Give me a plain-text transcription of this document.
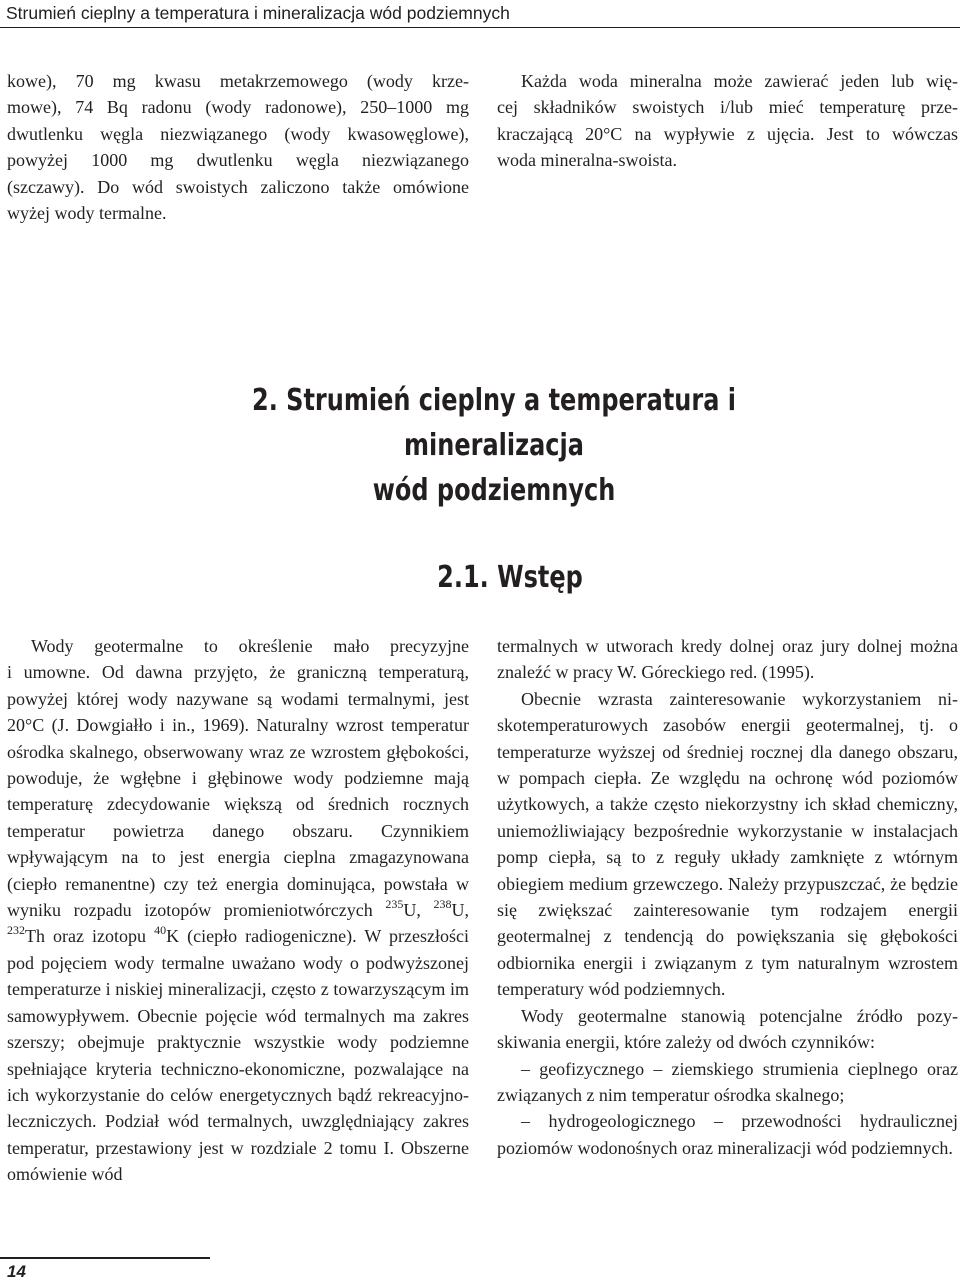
Strumień cieplny a temperatura i mineralizacja wód podziemnych

kowe), 70 mg kwasu metakrzemowego (wody krze-

mowe), 74 Bq radonu (wody radonowe), 250–1000 mg

dwutlenku węgla niezwiązanego (wody kwasowęglowe),

powyżej 1000 mg dwutlenku węgla niezwiązanego

(szczawy). Do wód swoistych zaliczono także omówione

wyżej wody termalne.

Każda woda mineralna może zawierać jeden lub wię-

cej składników swoistych i/lub mieć temperaturę prze-

kraczającą 20°C na wypływie z ujęcia. Jest to wówczas

woda mineralna-swoista.

2. Strumień cieplny a temperatura i mineralizacja
wód podziemnych
2.1. Wstęp

Wody geotermalne to określenie mało precyzyjne

i umowne. Od dawna przyjęto, że graniczną temperaturą, powyżej której wody nazywane są wodami termalnymi, jest 20°C (J. Dowgiałło i in., 1969). Naturalny wzrost temperatur ośrodka skalnego, obserwowany wraz ze wzrostem głębokości, powoduje, że wgłębne i głębinowe wody podziemne mają temperaturę zdecydowanie większą od średnich rocznych temperatur powietrza danego obszaru. Czynnikiem wpływającym na to jest energia cieplna zmagazynowana (ciepło remanentne) czy też energia dominująca, powstała w wyniku rozpadu izotopów promieniotwórczych $^{235}$U, $^{238}$U, $^{232}$Th oraz izotopu $^{40}$K (ciepło radiogeniczne). W przeszłości pod pojęciem wody termalne uważano wody o podwyższonej temperaturze i niskiej mineralizacji, często z towarzyszącym im samowypływem. Obecnie pojęcie wód termalnych ma zakres szerszy; obejmuje praktycznie wszystkie wody podziemne spełniające kryteria techniczno-ekonomiczne, pozwalające na ich wykorzystanie do celów energetycznych bądź rekreacyjno-leczniczych. Podział wód termalnych, uwzględniający zakres temperatur, przestawiony jest w rozdziale 2 tomu I. Obszerne omówienie wód

termalnych w utworach kredy dolnej oraz jury dolnej można znaleźć w pracy W. Góreckiego red. (1995).

Obecnie wzrasta zainteresowanie wykorzystaniem niskotemperaturowych zasobów energii geotermalnej, tj. o temperaturze wyższej od średniej rocznej dla danego obszaru, w pompach ciepła. Ze względu na ochronę wód poziomów użytkowych, a także często niekorzystny ich skład chemiczny, uniemożliwiający bezpośrednie wykorzystanie w instalacjach pomp ciepła, są to z reguły układy zamknięte z wtórnym obiegiem medium grzewczego. Należy przypuszczać, że będzie się zwiększać zainteresowanie tym rodzajem energii geotermalnej z tendencją do powiększania się głębokości odbiornika energii i związanym z tym naturalnym wzrostem temperatury wód podziemnych.

Wody geotermalne stanowią potencjalne źródło pozyskiwania energii, które zależy od dwóch czynników:

– geofizycznego – ziemskiego strumienia cieplnego oraz związanych z nim temperatur ośrodka skalnego;

– hydrogeologicznego – przewodności hydraulicznej poziomów wodonośnych oraz mineralizacji wód podziemnych.

14
